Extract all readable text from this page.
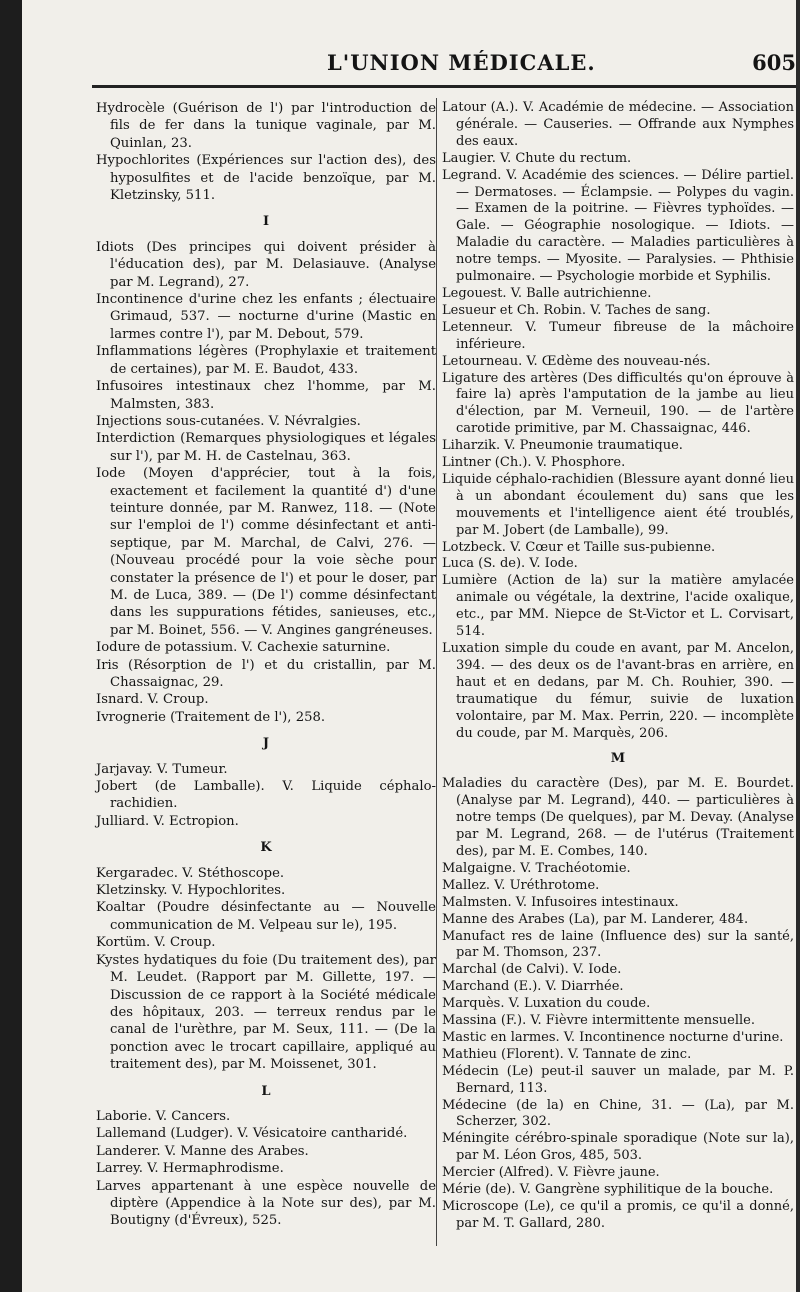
L'UNION MÉDICALE.	605
Hydrocèle (Guérison de l') par l'introduction de fils de fer dans la tunique vaginale, par M. Quinlan, 23.
Hypochlorites (Expériences sur l'action des), des hyposulfites et de l'acide benzoïque, par M. Kletzinsky, 511.
I
Idiots (Des principes qui doivent présider à l'éducation des), par M. Delasiauve. (Analyse par M. Legrand), 27.
Incontinence d'urine chez les enfants ; électuaire Grimaud, 537. — nocturne d'urine (Mastic en larmes contre l'), par M. Debout, 579.
Inflammations légères (Prophylaxie et traitement de certaines), par M. E. Baudot, 433.
Infusoires intestinaux chez l'homme, par M. Malmsten, 383.
Injections sous-cutanées. V. Névralgies.
Interdiction (Remarques physiologiques et légales sur l'), par M. H. de Castelnau, 363.
Iode (Moyen d'apprécier, tout à la fois, exactement et facilement la quantité d') d'une teinture donnée, par M. Ranwez, 118. — (Note sur l'emploi de l') comme désinfectant et anti-septique, par M. Marchal, de Calvi, 276. — (Nouveau procédé pour la voie sèche pour constater la présence de l') et pour le doser, par M. de Luca, 389. — (De l') comme désinfectant dans les suppurations fétides, sanieuses, etc., par M. Boinet, 556. — V. Angines gangréneuses.
Iodure de potassium. V. Cachexie saturnine.
Iris (Résorption de l') et du cristallin, par M. Chassaignac, 29.
Isnard. V. Croup.
Ivrognerie (Traitement de l'), 258.
J
Jarjavay. V. Tumeur.
Jobert (de Lamballe). V. Liquide céphalo-rachidien.
Julliard. V. Ectropion.
K
Kergaradec. V. Stéthoscope.
Kletzinsky. V. Hypochlorites.
Koaltar (Poudre désinfectante au — Nouvelle communication de M. Velpeau sur le), 195.
Kortüm. V. Croup.
Kystes hydatiques du foie (Du traitement des), par M. Leudet. (Rapport par M. Gillette, 197. — Discussion de ce rapport à la Société médicale des hôpitaux, 203. — terreux rendus par le canal de l'urèthre, par M. Seux, 111. — (De la ponction avec le trocart capillaire, appliqué au traitement des), par M. Moissenet, 301.
L
Laborie. V. Cancers.
Lallemand (Ludger). V. Vésicatoire cantharidé.
Landerer. V. Manne des Arabes.
Larrey. V. Hermaphrodisme.
Larves appartenant à une espèce nouvelle de diptère (Appendice à la Note sur des), par M. Boutigny (d'Évreux), 525.
Latour (A.). V. Académie de médecine. — Association générale. — Causeries. — Offrande aux Nymphes des eaux.
Laugier. V. Chute du rectum.
Legrand. V. Académie des sciences. — Délire partiel. — Dermatoses. — Éclampsie. — Polypes du vagin. — Examen de la poitrine. — Fièvres typhoïdes. — Gale. — Géographie nosologique. — Idiots. — Maladie du caractère. — Maladies particulières à notre temps. — Myosite. — Paralysies. — Phthisie pulmonaire. — Psychologie morbide et Syphilis.
Legouest. V. Balle autrichienne.
Lesueur et Ch. Robin. V. Taches de sang.
Letenneur. V. Tumeur fibreuse de la mâchoire inférieure.
Letourneau. V. Œdème des nouveau-nés.
Ligature des artères (Des difficultés qu'on éprouve à faire la) après l'amputation de la jambe au lieu d'élection, par M. Verneuil, 190. — de l'artère carotide primitive, par M. Chassaignac, 446.
Liharzik. V. Pneumonie traumatique.
Lintner (Ch.). V. Phosphore.
Liquide céphalo-rachidien (Blessure ayant donné lieu à un abondant écoulement du) sans que les mouvements et l'intelligence aient été troublés, par M. Jobert (de Lamballe), 99.
Lotzbeck. V. Cœur et Taille sus-pubienne.
Luca (S. de). V. Iode.
Lumière (Action de la) sur la matière amylacée animale ou végétale, la dextrine, l'acide oxalique, etc., par MM. Niepce de St-Victor et L. Corvisart, 514.
Luxation simple du coude en avant, par M. Ancelon, 394. — des deux os de l'avant-bras en arrière, en haut et en dedans, par M. Ch. Rouhier, 390. — traumatique du fémur, suivie de luxation volontaire, par M. Max. Perrin, 220. — incomplète du coude, par M. Marquès, 206.
M
Maladies du caractère (Des), par M. E. Bourdet. (Analyse par M. Legrand), 440. — particulières à notre temps (De quelques), par M. Devay. (Analyse par M. Legrand, 268. — de l'utérus (Traitement des), par M. E. Combes, 140.
Malgaigne. V. Trachéotomie.
Mallez. V. Uréthrotome.
Malmsten. V. Infusoires intestinaux.
Manne des Arabes (La), par M. Landerer, 484.
Manufact res de laine (Influence des) sur la santé, par M. Thomson, 237.
Marchal (de Calvi). V. Iode.
Marchand (E.). V. Diarrhée.
Marquès. V. Luxation du coude.
Massina (F.). V. Fièvre intermittente mensuelle.
Mastic en larmes. V. Incontinence nocturne d'urine.
Mathieu (Florent). V. Tannate de zinc.
Médecin (Le) peut-il sauver un malade, par M. P. Bernard, 113.
Médecine (de la) en Chine, 31. — (La), par M. Scherzer, 302.
Méningite cérébro-spinale sporadique (Note sur la), par M. Léon Gros, 485, 503.
Mercier (Alfred). V. Fièvre jaune.
Mérie (de). V. Gangrène syphilitique de la bouche.
Microscope (Le), ce qu'il a promis, ce qu'il a donné, par M. T. Gallard, 280.
